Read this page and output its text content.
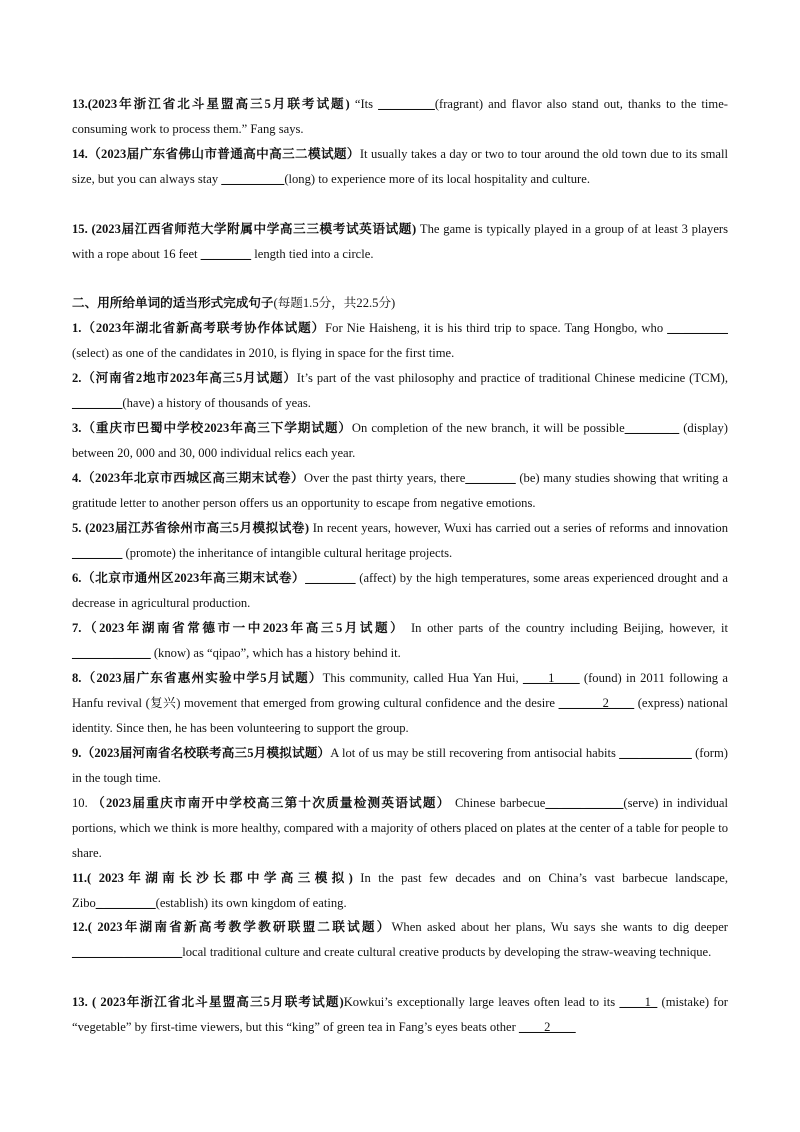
13.(2023年浙江省北斗星盟高三5月联考试题) “Its _________(fragrant) and flavor also stand out, thanks to the time- consuming work to process them.” Fang says.
14.（2023届广东省佛山市普通高中高三二模试题）It usually takes a day or two to tour around the old town due to its small size, but you can always stay __________(long) to experience more of its local hospitality and culture.
15. (2023届江西省师范大学附属中学高三三模考试英语试题) The game is typically played in a group of at least 3 players with a rope about 16 feet ________ length tied into a circle.
二、用所给单词的适当形式完成句子(每题1.5分，共22.5分)
1.（2023年湖北省新高考联考协作体试题）For Nie Haisheng, it is his third trip to space. Tang Hongbo, who __ _______ (select) as one of the candidates in 2010, is flying in space for the first time.
2.（河南省2地市2023年高三5月试题）It’s part of the vast philosophy and practice of traditional Chinese medicine (TCM), ________(have) a history of thousands of yeas.
3.（重庆市巴蜀中学校2023年高三下学期试题）On completion of the new branch, it will be possible_______ _ (display) between 20, 000 and 30, 000 individual relics each year.
4.（2023年北京市西城区高三期末试卷）Over the past thirty years, there________ (be) many studies showing that writing a gratitude letter to another person offers us an opportunity to escape from negative emotions.
5. (2023届江苏省徐州市高三5月模拟试卷) In recent years, however, Wuxi has carried out a series of reforms and innovation ________ (promote) the inheritance of intangible cultural heritage projects.
6.（北京市通州区2023年高三期末试卷）________ (affect) by the high temperatures, some areas experienced drought and a decrease in agricultural production.
7.（2023年湖南省常德市一中2023年高三5月试题） In other parts of the country including Beijing, however, it ______ ______ (know) as “qipao”, which has a history behind it.
8.（2023届广东省惠州实验中学5月试题）This community, called Hua Yan Hui, ____1____ (found) in 2011 following a Hanfu revival (复兴) movement that emerged from growing cultural confidence and the desire _______2____ (express) national identity. Since then, he has been volunteering to support the group.
9.（2023届河南省名校联考高三5月模拟试题）A lot of us may be still recovering from antisocial habits ___ ________ (form) in the tough time.
10. （2023届重庆市南开中学校高三第十次质量检测英语试题） Chinese barbecue__ ___ ______(serve) in individual portions, which we think is more healthy, compared with a majority of others placed on plates at the center of a table for people to share.
11.( 2023年湖南长沙长郡中学高三模拟) In the past few decades and on China’s vast barbecue landscape, Zibo_ ________(establish) its own kingdom of eating.
12.( 2023年湖南省新高考教学教研联盟二联试题）When asked about her plans, Wu says she wants to dig deeper ________ _________local traditional culture and create cultural creative products by developing the straw-weaving technique.
13. ( 2023年浙江省北斗星盟高三5月联考试题)Kowkui’s exceptionally large leaves often lead to its ____1_ (mistake) for “vegetable” by first-time viewers, but this “king” of green tea in Fang’s eyes beats other ____2____
